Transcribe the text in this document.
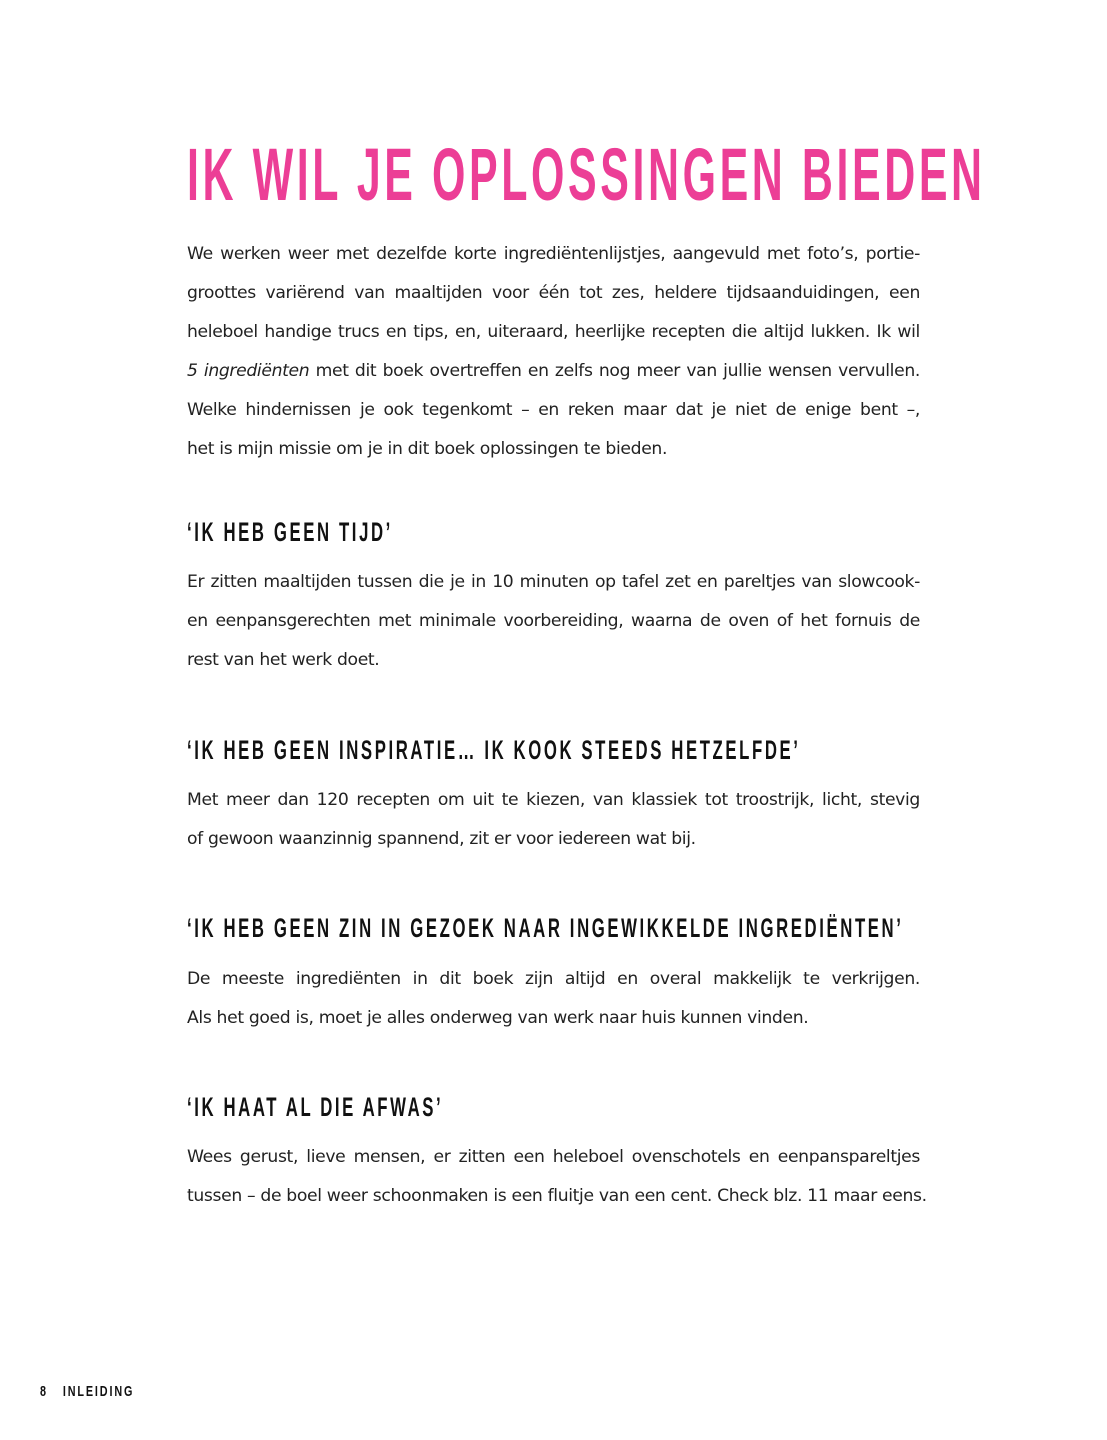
IK WIL JE OPLOSSINGEN BIEDEN
We werken weer met dezelfde korte ingrediëntenlijstjes, aangevuld met foto’s, portie-
groottes variërend van maaltijden voor één tot zes, heldere tijdsaanduidingen, een
heleboel handige trucs en tips, en, uiteraard, heerlijke recepten die altijd lukken. Ik wil
5 ingrediënten met dit boek overtreffen en zelfs nog meer van jullie wensen vervullen.
Welke hindernissen je ook tegenkomt – en reken maar dat je niet de enige bent –,
het is mijn missie om je in dit boek oplossingen te bieden.
‘IK HEB GEEN TIJD’
Er zitten maaltijden tussen die je in 10 minuten op tafel zet en pareltjes van slowcook-
en eenpansgerechten met minimale voorbereiding, waarna de oven of het fornuis de
rest van het werk doet.
‘IK HEB GEEN INSPIRATIE… IK KOOK STEEDS HETZELFDE’
Met meer dan 120 recepten om uit te kiezen, van klassiek tot troostrijk, licht, stevig
of gewoon waanzinnig spannend, zit er voor iedereen wat bij.
‘IK HEB GEEN ZIN IN GEZOEK NAAR INGEWIKKELDE INGREDIËNTEN’
De meeste ingrediënten in dit boek zijn altijd en overal makkelijk te verkrijgen.
Als het goed is, moet je alles onderweg van werk naar huis kunnen vinden.
‘IK HAAT AL DIE AFWAS’
Wees gerust, lieve mensen, er zitten een heleboel ovenschotels en eenpanspareltjes
tussen – de boel weer schoonmaken is een fluitje van een cent. Check blz. 11 maar eens.
8 INLEIDING
